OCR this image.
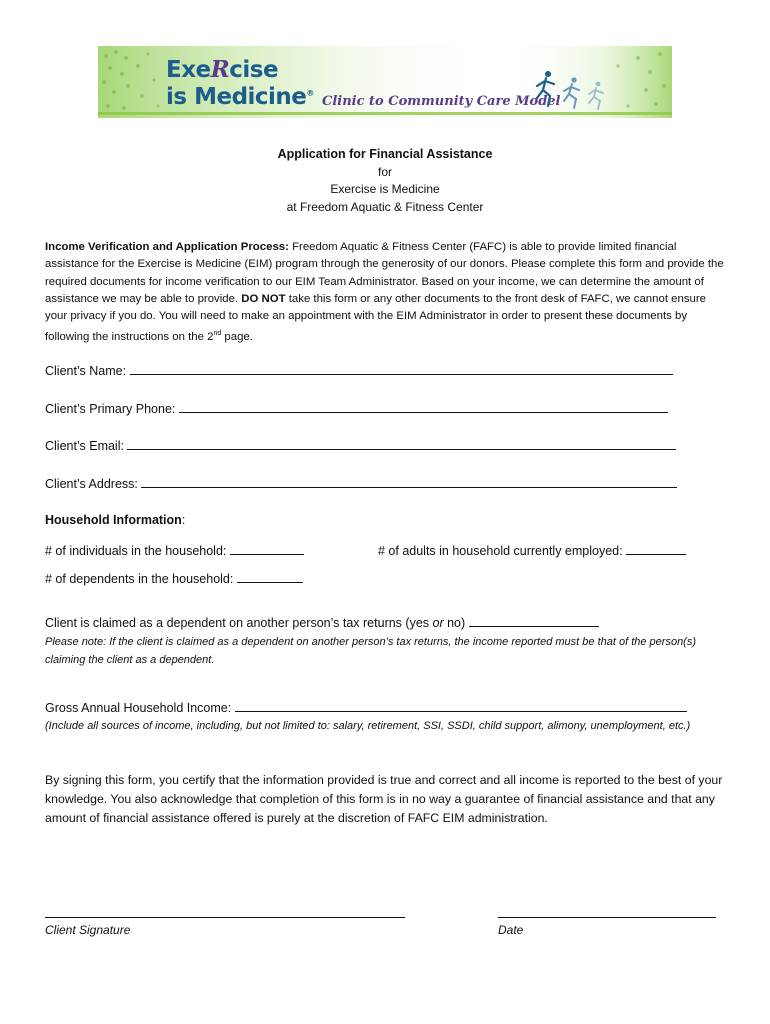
ExeRcise
is Medicine®
Clinic to Community Care Model
Application for Financial Assistance
for
Exercise is Medicine
at Freedom Aquatic & Fitness Center
Income Verification and Application Process: Freedom Aquatic & Fitness Center (FAFC) is able to provide limited financial assistance for the Exercise is Medicine (EIM) program through the generosity of our donors. Please complete this form and provide the required documents for income verification to our EIM Team Administrator. Based on your income, we can determine the amount of assistance we may be able to provide. DO NOT take this form or any other documents to the front desk of FAFC, we cannot ensure your privacy if you do. You will need to make an appointment with the EIM Administrator in order to present these documents by following the instructions on the 2nd page.
Client’s Name:
Client’s Primary Phone:
Client’s Email:
Client’s Address:
Household Information:
# of individuals in the household:	# of adults in household currently employed:
# of dependents in the household:
Client is claimed as a dependent on another person’s tax returns (yes or no)
Please note: If the client is claimed as a dependent on another person’s tax returns, the income reported must be that of the person(s) claiming the client as a dependent.
Gross Annual Household Income:
(Include all sources of income, including, but not limited to: salary, retirement, SSI, SSDI, child support, alimony, unemployment, etc.)
By signing this form, you certify that the information provided is true and correct and all income is reported to the best of your knowledge. You also acknowledge that completion of this form is in no way a guarantee of financial assistance and that any amount of financial assistance offered is purely at the discretion of FAFC EIM administration.
Client Signature	Date
